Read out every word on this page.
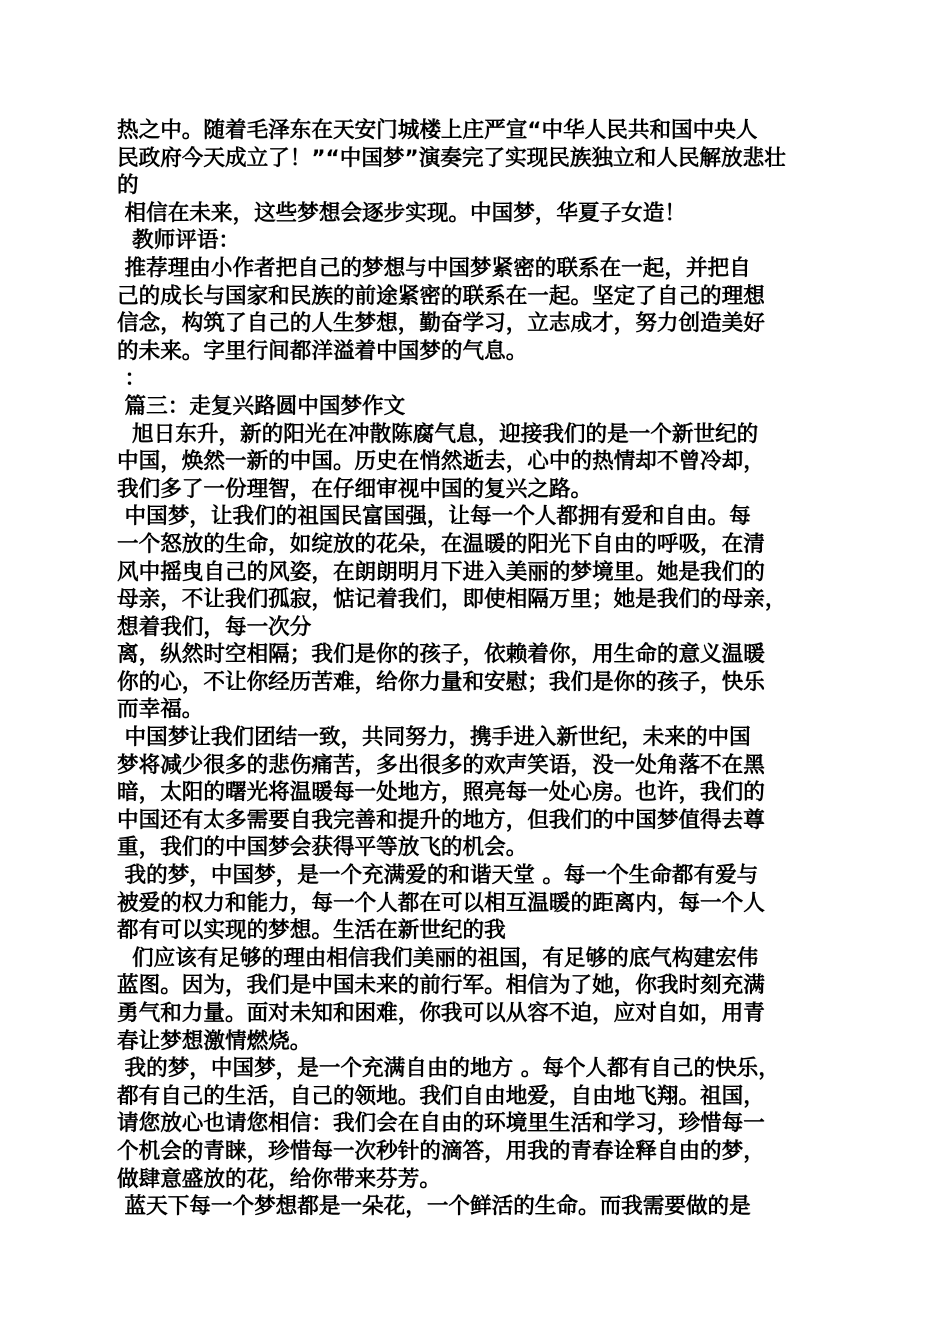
热之中。随着毛泽东在天安门城楼上庄严宣“中华人民共和国中央人
民政府今天成立了！”“中国梦”演奏完了实现民族独立和人民解放悲壮
的
相信在未来，这些梦想会逐步实现。中国梦，华夏子女造！
教师评语：
推荐理由小作者把自己的梦想与中国梦紧密的联系在一起，并把自
己的成长与国家和民族的前途紧密的联系在一起。坚定了自己的理想
信念，构筑了自己的人生梦想，勤奋学习，立志成才，努力创造美好
的未来。字里行间都洋溢着中国梦的气息。
：
篇三：走复兴路圆中国梦作文
旭日东升，新的阳光在冲散陈腐气息，迎接我们的是一个新世纪的
中国，焕然一新的中国。历史在悄然逝去，心中的热情却不曾冷却，
我们多了一份理智，在仔细审视中国的复兴之路。
中国梦，让我们的祖国民富国强，让每一个人都拥有爱和自由。每
一个怒放的生命，如绽放的花朵，在温暖的阳光下自由的呼吸，在清
风中摇曳自己的风姿，在朗朗明月下进入美丽的梦境里。她是我们的
母亲，不让我们孤寂，惦记着我们，即使相隔万里；她是我们的母亲，
想着我们，每一次分
离，纵然时空相隔；我们是你的孩子，依赖着你，用生命的意义温暖
你的心，不让你经历苦难，给你力量和安慰；我们是你的孩子，快乐
而幸福。
中国梦让我们团结一致，共同努力，携手进入新世纪，未来的中国
梦将减少很多的悲伤痛苦，多出很多的欢声笑语，没一处角落不在黑
暗，太阳的曙光将温暖每一处地方，照亮每一处心房。也许，我们的
中国还有太多需要自我完善和提升的地方，但我们的中国梦值得去尊
重，我们的中国梦会获得平等放飞的机会。
我的梦，中国梦，是一个充满爱的和谐天堂 。每一个生命都有爱与
被爱的权力和能力，每一个人都在可以相互温暖的距离内，每一个人
都有可以实现的梦想。生活在新世纪的我
们应该有足够的理由相信我们美丽的祖国，有足够的底气构建宏伟
蓝图。因为，我们是中国未来的前行军。相信为了她，你我时刻充满
勇气和力量。面对未知和困难，你我可以从容不迫，应对自如，用青
春让梦想激情燃烧。
我的梦，中国梦，是一个充满自由的地方 。每个人都有自己的快乐，
都有自己的生活，自己的领地。我们自由地爱，自由地飞翔。祖国，
请您放心也请您相信：我们会在自由的环境里生活和学习，珍惜每一
个机会的青睐，珍惜每一次秒针的滴答，用我的青春诠释自由的梦，
做肆意盛放的花，给你带来芬芳。
蓝天下每一个梦想都是一朵花，一个鲜活的生命。而我需要做的是
